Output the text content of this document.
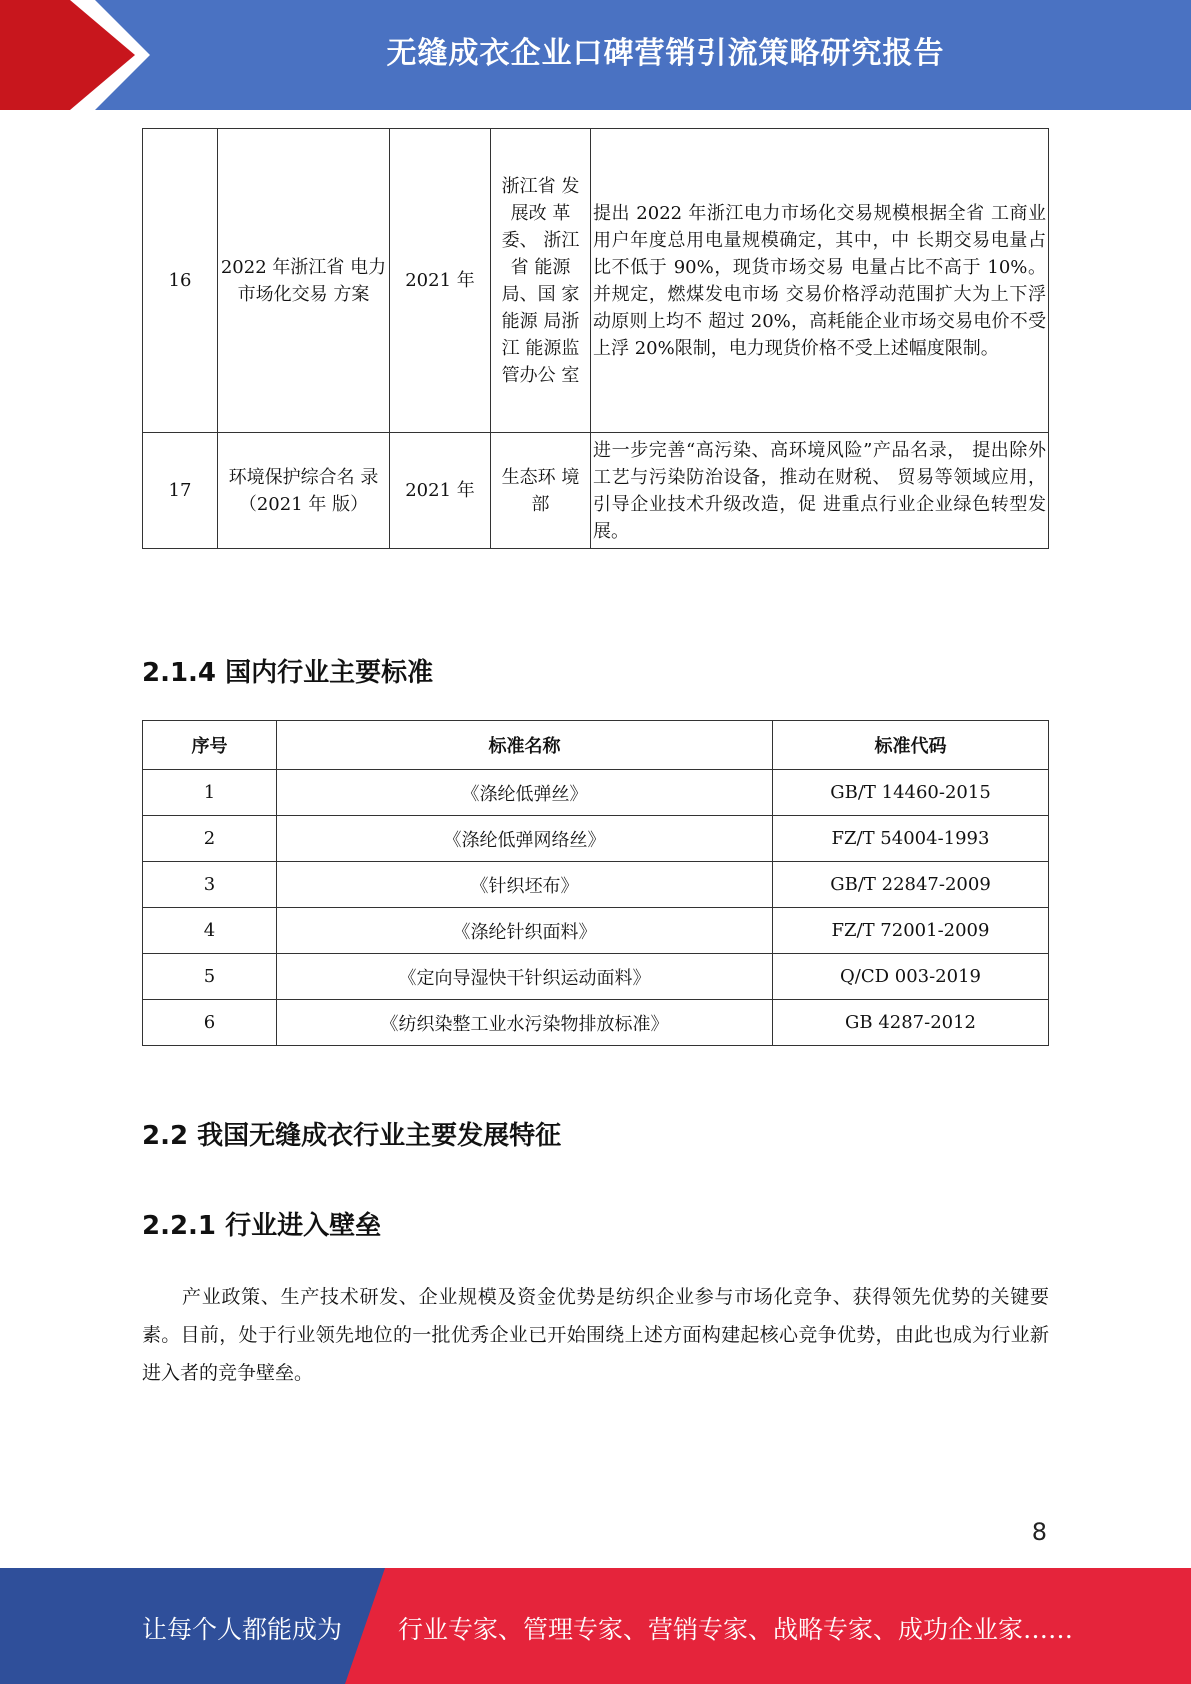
无缝成衣企业口碑营销引流策略研究报告
16	2022 年浙江省 电力市场化交易 方案	2021 年	浙江省 发展改 革委、 浙江省 能源局、国 家能源 局浙江 能源监 管办公 室	提出 2022 年浙江电力市场化交易规模根据全省 工商业用户年度总用电量规模确定，其中，中 长期交易电量占比不低于 90%，现货市场交易 电量占比不高于 10%。并规定，燃煤发电市场 交易价格浮动范围扩大为上下浮动原则上均不 超过 20%，高耗能企业市场交易电价不受上浮 20%限制，电力现货价格不受上述幅度限制。
17	环境保护综合名 录（2021 年 版）	2021 年	生态环 境部	进一步完善“高污染、高环境风险”产品名录， 提出除外工艺与污染防治设备，推动在财税、 贸易等领域应用，引导企业技术升级改造，促 进重点行业企业绿色转型发展。
2.1.4 国内行业主要标准
序号	标准名称	标准代码
1	《涤纶低弹丝》	GB/T 14460-2015
2	《涤纶低弹网络丝》	FZ/T 54004-1993
3	《针织坯布》	GB/T 22847-2009
4	《涤纶针织面料》	FZ/T 72001-2009
5	《定向导湿快干针织运动面料》	Q/CD 003-2019
6	《纺织染整工业水污染物排放标准》	GB 4287-2012
2.2 我国无缝成衣行业主要发展特征
2.2.1 行业进入壁垒
产业政策、生产技术研发、企业规模及资金优势是纺织企业参与市场化竞争、获得领先优势的关键要素。目前，处于行业领先地位的一批优秀企业已开始围绕上述方面构建起核心竞争优势，由此也成为行业新进入者的竞争壁垒。
8
让每个人都能成为 行业专家、管理专家、营销专家、战略专家、成功企业家……
